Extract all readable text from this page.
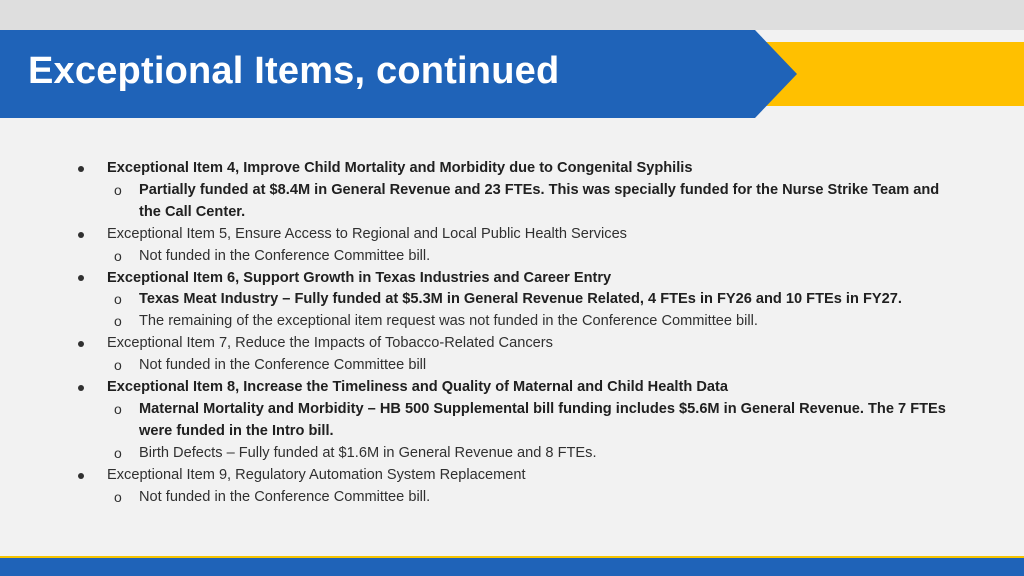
Exceptional Items, continued
Exceptional Item 4, Improve Child Mortality and Morbidity due to Congenital Syphilis
o	Partially funded at $8.4M in General Revenue and 23 FTEs. This was specially funded for the Nurse Strike Team and the Call Center.
Exceptional Item 5, Ensure Access to Regional and Local Public Health Services
o	Not funded in the Conference Committee bill.
Exceptional Item 6, Support Growth in Texas Industries and Career Entry
o	Texas Meat Industry – Fully funded at $5.3M in General Revenue Related, 4 FTEs in FY26 and 10 FTEs in FY27.
o	The remaining of the exceptional item request was not funded in the Conference Committee bill.
Exceptional Item 7, Reduce the Impacts of Tobacco-Related Cancers
o	Not funded in the Conference Committee bill
Exceptional Item 8, Increase the Timeliness and Quality of Maternal and Child Health Data
o	Maternal Mortality and Morbidity – HB 500 Supplemental bill funding includes $5.6M in General Revenue. The 7 FTEs were funded in the Intro bill.
o	Birth Defects – Fully funded at $1.6M in General Revenue and 8 FTEs.
Exceptional Item 9, Regulatory Automation System Replacement
o	Not funded in the Conference Committee bill.
